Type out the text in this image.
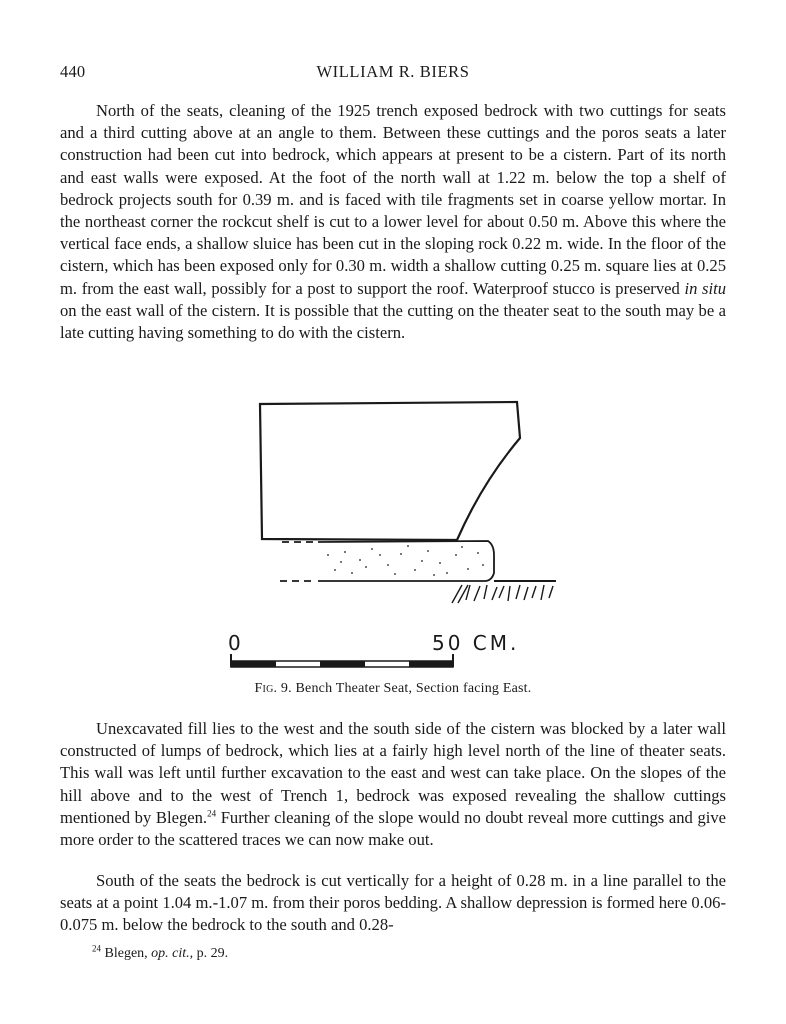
440	WILLIAM R. BIERS

North of the seats, cleaning of the 1925 trench exposed bedrock with two cuttings for seats and a third cutting above at an angle to them. Between these cuttings and the poros seats a later construction had been cut into bedrock, which appears at present to be a cistern. Part of its north and east walls were exposed. At the foot of the north wall at 1.22 m. below the top a shelf of bedrock projects south for 0.39 m. and is faced with tile fragments set in coarse yellow mortar. In the northeast corner the rockcut shelf is cut to a lower level for about 0.50 m. Above this where the vertical face ends, a shallow sluice has been cut in the sloping rock 0.22 m. wide. In the floor of the cistern, which has been exposed only for 0.30 m. width a shallow cutting 0.25 m. square lies at 0.25 m. from the east wall, possibly for a post to support the roof. Waterproof stucco is preserved in situ on the east wall of the cistern. It is possible that the cutting on the theater seat to the south may be a late cutting having something to do with the cistern.

0	50 CM.
Fig. 9. Bench Theater Seat, Section facing East.

Unexcavated fill lies to the west and the south side of the cistern was blocked by a later wall constructed of lumps of bedrock, which lies at a fairly high level north of the line of theater seats. This wall was left until further excavation to the east and west can take place. On the slopes of the hill above and to the west of Trench 1, bedrock was exposed revealing the shallow cuttings mentioned by Blegen.$^{24}$ Further cleaning of the slope would no doubt reveal more cuttings and give more order to the scattered traces we can now make out.

South of the seats the bedrock is cut vertically for a height of 0.28 m. in a line parallel to the seats at a point 1.04 m.-1.07 m. from their poros bedding. A shallow depression is formed here 0.06-0.075 m. below the bedrock to the south and 0.28-

$^{24}$ Blegen, op. cit., p. 29.
